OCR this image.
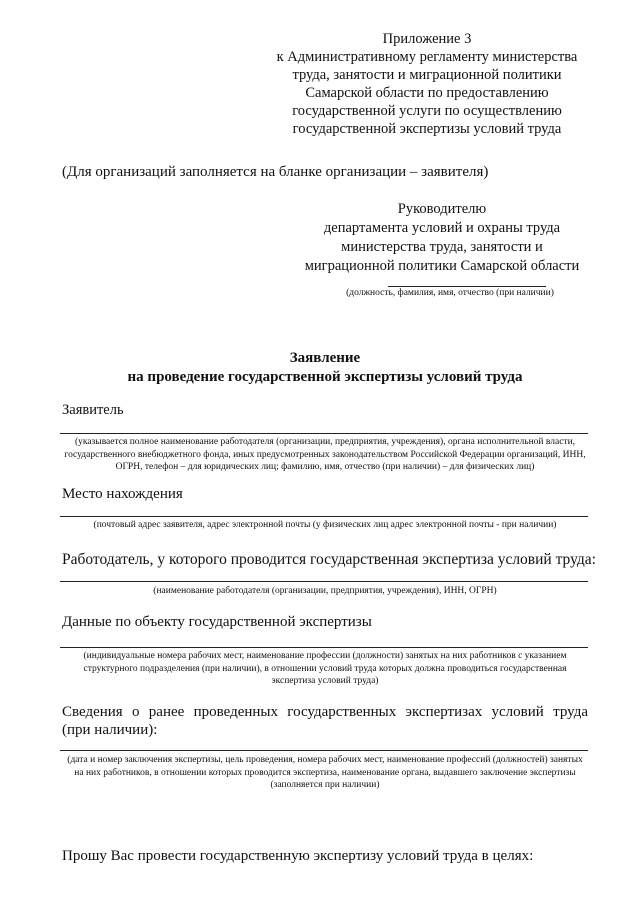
Приложение 3
к Административному регламенту министерства
труда, занятости и миграционной политики
Самарской области по предоставлению
государственной услуги по осуществлению
государственной экспертизы условий труда
(Для организаций заполняется на бланке организации – заявителя)
Руководителю
департамента условий и охраны труда
министерства труда, занятости и
миграционной политики Самарской области
(должность, фамилия, имя, отчество (при наличии)
Заявление
на проведение государственной экспертизы условий труда
Заявитель
(указывается полное наименование работодателя (организации, предприятия, учреждения), органа исполнительной власти, государственного внебюджетного фонда, иных предусмотренных законодательством Российской Федерации организаций, ИНН, ОГРН, телефон – для юридических лиц; фамилию, имя, отчество (при наличии) – для физических лиц)
Место нахождения
(почтовый адрес заявителя, адрес электронной почты (у физических лиц адрес электронной почты - при наличии)
Работодатель, у которого проводится государственная экспертиза условий труда:
(наименование работодателя (организации, предприятия, учреждения), ИНН, ОГРН)
Данные по объекту государственной экспертизы
(индивидуальные номера рабочих мест, наименование профессии (должности) занятых на них работников с указанием структурного подразделения (при наличии), в отношении условий труда которых должна проводиться государственная экспертиза условий труда)
Сведения о ранее проведенных государственных экспертизах условий труда
(при наличии):
(дата и номер заключения экспертизы, цель проведения, номера рабочих мест, наименование профессий (должностей) занятых на них работников, в отношении которых проводится экспертиза, наименование органа, выдавшего заключение экспертизы (заполняется при наличии)
Прошу Вас провести государственную экспертизу условий труда в целях:
